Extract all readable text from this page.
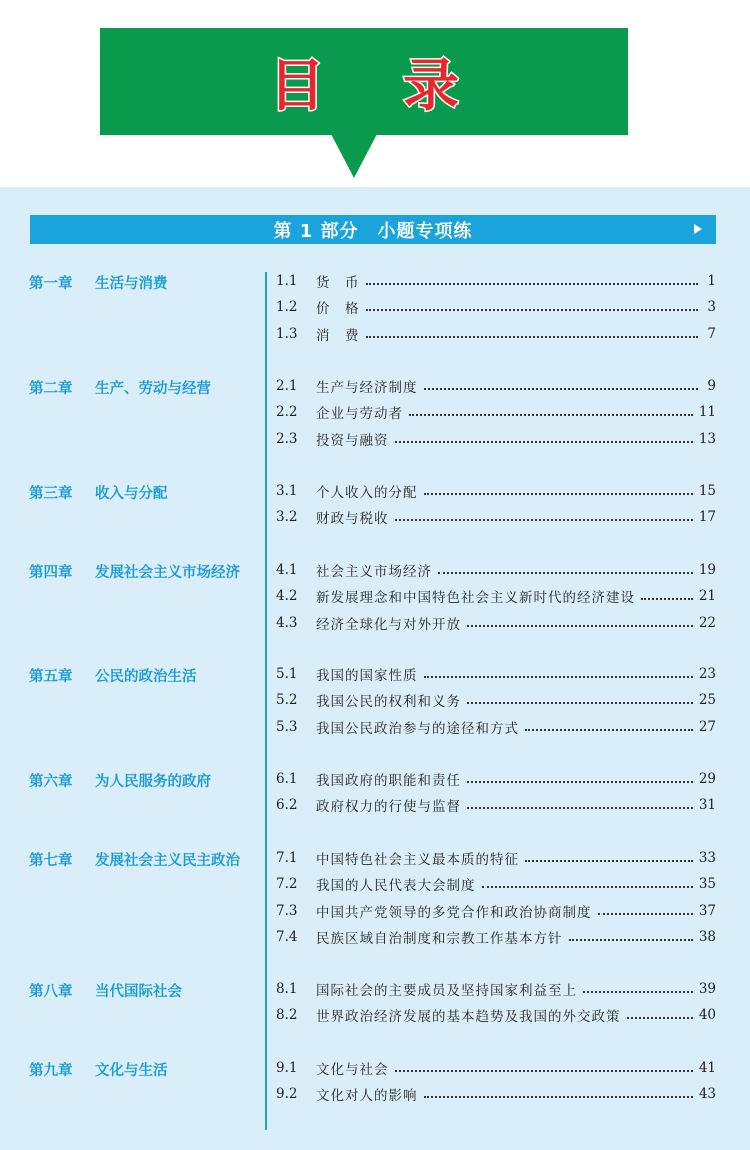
目 录
第 1 部分　小题专项练
第一章 生活与消费	1.1	货　币	1
1.2	价　格	3
1.3	消　费	7
第二章 生产、劳动与经营	2.1	生产与经济制度	9
2.2	企业与劳动者	11
2.3	投资与融资	13
第三章 收入与分配	3.1	个人收入的分配	15
3.2	财政与税收	17
第四章 发展社会主义市场经济	4.1	社会主义市场经济	19
4.2	新发展理念和中国特色社会主义新时代的经济建设	21
4.3	经济全球化与对外开放	22
第五章 公民的政治生活	5.1	我国的国家性质	23
5.2	我国公民的权利和义务	25
5.3	我国公民政治参与的途径和方式	27
第六章 为人民服务的政府	6.1	我国政府的职能和责任	29
6.2	政府权力的行使与监督	31
第七章 发展社会主义民主政治	7.1	中国特色社会主义最本质的特征	33
7.2	我国的人民代表大会制度	35
7.3	中国共产党领导的多党合作和政治协商制度	37
7.4	民族区域自治制度和宗教工作基本方针	38
第八章 当代国际社会	8.1	国际社会的主要成员及坚持国家利益至上	39
8.2	世界政治经济发展的基本趋势及我国的外交政策	40
第九章 文化与生活	9.1	文化与社会	41
9.2	文化对人的影响	43
